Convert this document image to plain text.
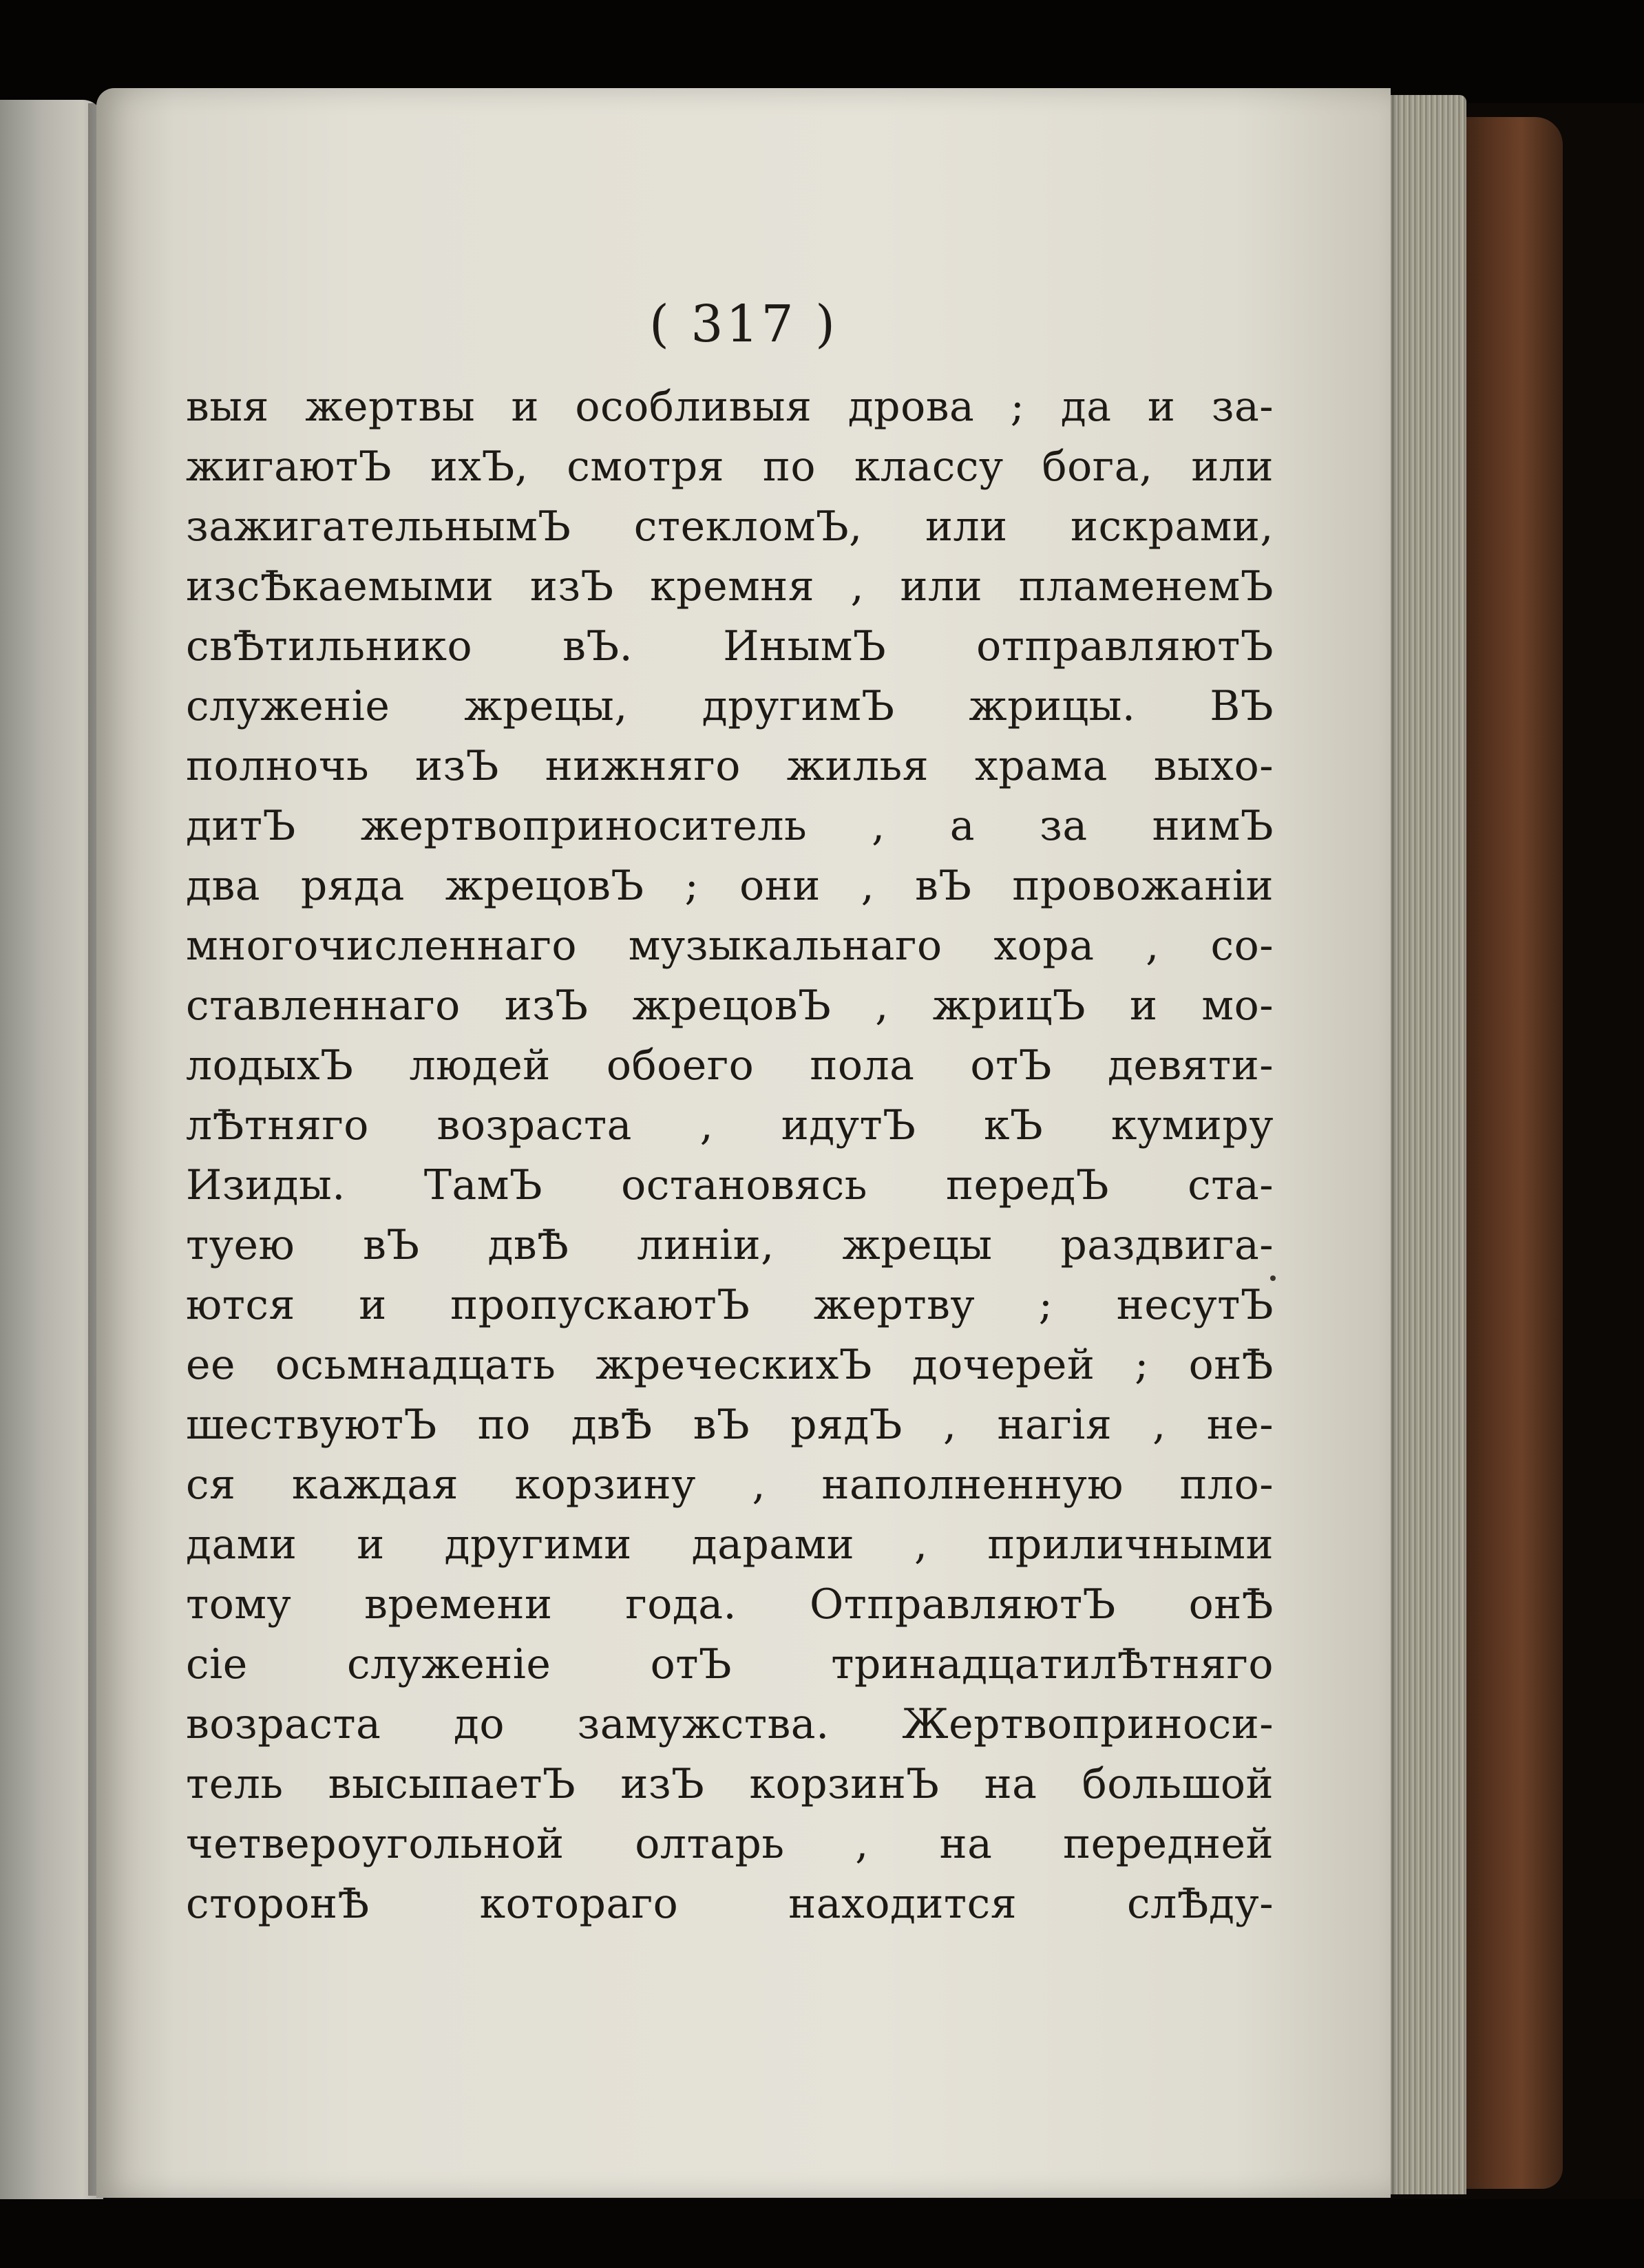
( 317 )
выя жертвы и особливыя дрова ; да и за-
жигаютЪ ихЪ, смотря по классу бога, или
зажигательнымЪ стекломЪ, или искрами,
изсѢкаемыми изЪ кремня , или пламенемЪ
свѢтильнико вЪ. ИнымЪ отправляютЪ
служеніе жрецы, другимЪ жрицы. ВЪ
полночь изЪ нижняго жилья храма выхо-
дитЪ жертвоприноситель , а за нимЪ
два ряда жрецовЪ ; они , вЪ провожаніи
многочисленнаго музыкальнаго хора , со-
ставленнаго изЪ жрецовЪ , жрицЪ и мо-
лодыхЪ людей обоего пола отЪ девяти-
лѢтняго возраста , идутЪ кЪ кумиру
Изиды. ТамЪ остановясь передЪ ста-
туею вЪ двѢ линіи, жрецы раздвига-
ются и пропускаютЪ жертву ; несутЪ
ее осьмнадцать жреческихЪ дочерей ; онѢ
шествуютЪ по двѢ вЪ рядЪ , нагія , не-
ся каждая корзину , наполненную пло-
дами и другими дарами , приличными
тому времени года. ОтправляютЪ онѢ
сіе служеніе отЪ тринадцатилѢтняго
возраста до замужства. Жертвоприноси-
тель высыпаетЪ изЪ корзинЪ на большой
четвероугольной олтарь , на передней
сторонѢ котораго находится слѢду-
